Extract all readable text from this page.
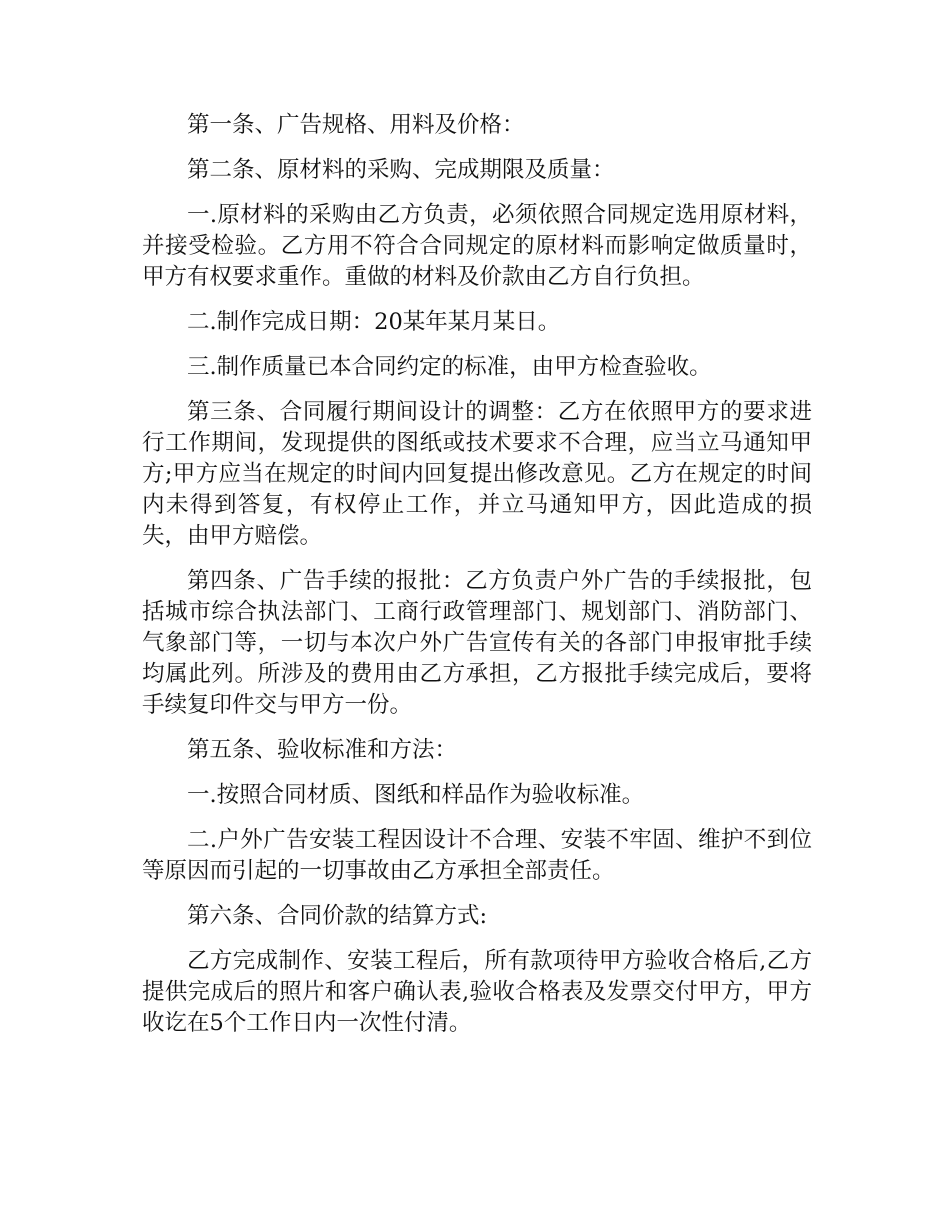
第一条、广告规格、用料及价格：

第二条、原材料的采购、完成期限及质量：

一.原材料的采购由乙方负责，必须依照合同规定选用原材料，并接受检验。乙方用不符合合同规定的原材料而影响定做质量时，甲方有权要求重作。重做的材料及价款由乙方自行负担。

二.制作完成日期：20某年某月某日。

三.制作质量已本合同约定的标准，由甲方检查验收。

第三条、合同履行期间设计的调整：乙方在依照甲方的要求进行工作期间，发现提供的图纸或技术要求不合理，应当立马通知甲方;甲方应当在规定的时间内回复提出修改意见。乙方在规定的时间内未得到答复，有权停止工作，并立马通知甲方，因此造成的损失，由甲方赔偿。

第四条、广告手续的报批：乙方负责户外广告的手续报批，包括城市综合执法部门、工商行政管理部门、规划部门、消防部门、气象部门等，一切与本次户外广告宣传有关的各部门申报审批手续均属此列。所涉及的费用由乙方承担，乙方报批手续完成后，要将手续复印件交与甲方一份。

第五条、验收标准和方法：

一.按照合同材质、图纸和样品作为验收标准。

二.户外广告安装工程因设计不合理、安装不牢固、维护不到位等原因而引起的一切事故由乙方承担全部责任。

第六条、合同价款的结算方式:

乙方完成制作、安装工程后，所有款项待甲方验收合格后,乙方提供完成后的照片和客户确认表,验收合格表及发票交付甲方，甲方收讫在5个工作日内一次性付清。
